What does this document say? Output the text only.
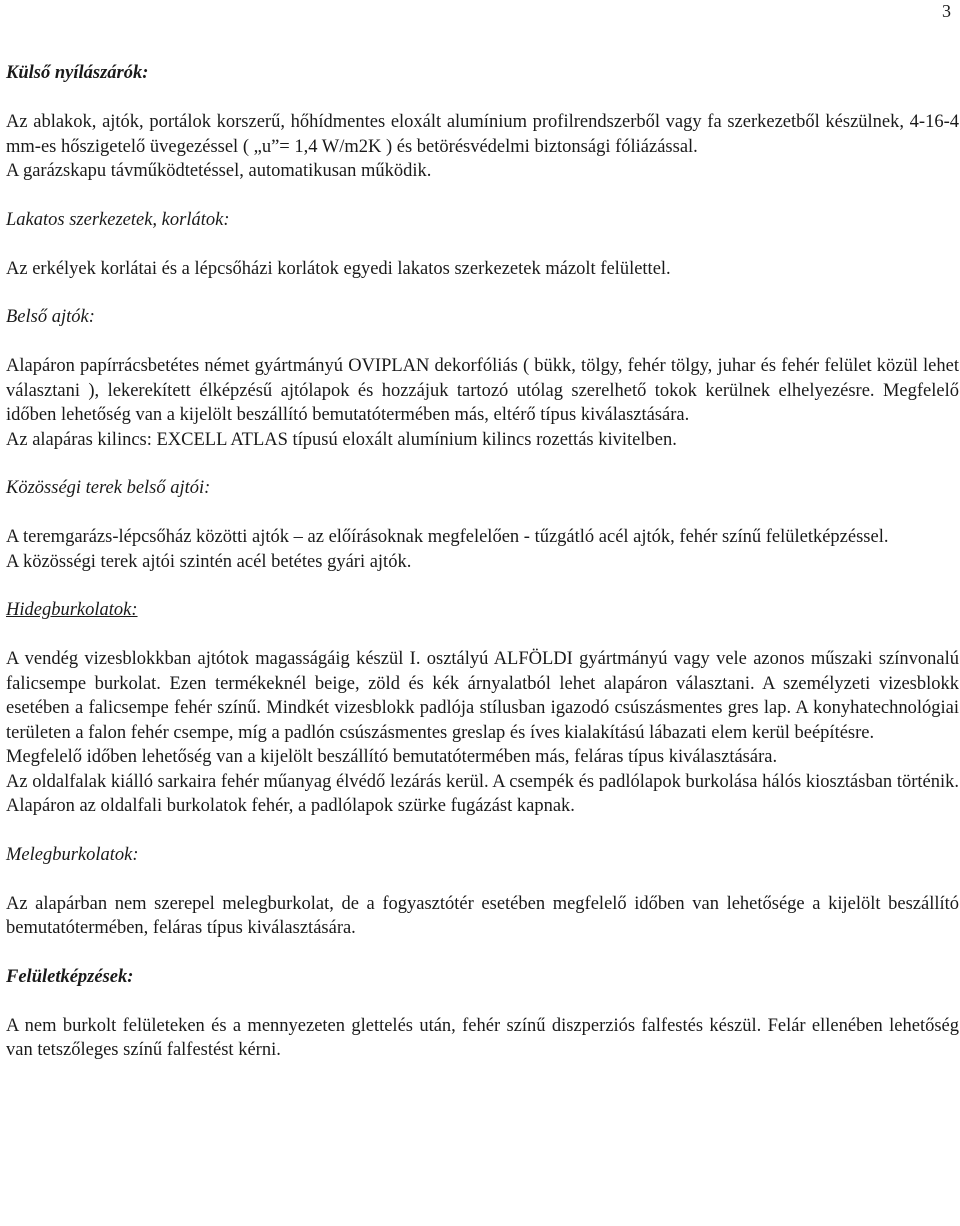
3

Külső nyílászárók:

Az ablakok, ajtók, portálok korszerű, hőhídmentes eloxált alumínium profilrendszerből vagy fa szerkezetből készülnek, 4-16-4 mm-es hőszigetelő üvegezéssel ( „u”= 1,4 W/m2K ) és betörésvédelmi biztonsági fóliázással.

A garázskapu távműködtetéssel, automatikusan működik.

Lakatos szerkezetek, korlátok:

Az erkélyek korlátai és a lépcsőházi korlátok egyedi lakatos szerkezetek mázolt felülettel.

Belső ajtók:

Alapáron papírrácsbetétes német gyártmányú OVIPLAN dekorfóliás ( bükk, tölgy, fehér tölgy, juhar és fehér felület közül lehet választani ), lekerekített élképzésű ajtólapok és hozzájuk tartozó utólag szerelhető tokok kerülnek elhelyezésre. Megfelelő időben lehetőség van a kijelölt beszállító bemutatótermében más, eltérő típus kiválasztására.

Az alapáras kilincs: EXCELL ATLAS típusú eloxált alumínium kilincs rozettás kivitelben.

Közösségi terek belső ajtói:

A teremgarázs-lépcsőház közötti ajtók – az előírásoknak megfelelően - tűzgátló acél ajtók, fehér színű felületképzéssel.

A közösségi terek ajtói szintén acél betétes gyári ajtók.

Hidegburkolatok:

A vendég vizesblokkban ajtótok magasságáig készül I. osztályú ALFÖLDI gyártmányú vagy vele azonos műszaki színvonalú falicsempe burkolat. Ezen termékeknél beige, zöld és kék árnyalatból lehet alapáron választani. A személyzeti vizesblokk esetében a falicsempe fehér színű. Mindkét vizesblokk padlója stílusban igazodó csúszásmentes gres lap. A konyhatechnológiai területen a falon fehér csempe, míg a padlón csúszásmentes greslap és íves kialakítású lábazati elem kerül beépítésre.

Megfelelő időben lehetőség van a kijelölt beszállító bemutatótermében más, feláras típus kiválasztására.

Az oldalfalak kiálló sarkaira fehér műanyag élvédő lezárás kerül. A csempék és padlólapok burkolása hálós kiosztásban történik. Alapáron az oldalfali burkolatok fehér, a padlólapok szürke fugázást kapnak.

Melegburkolatok:

Az alapárban nem szerepel melegburkolat, de a fogyasztótér esetében megfelelő időben van lehetősége a kijelölt beszállító bemutatótermében, feláras típus kiválasztására.

Felületképzések:

A nem burkolt felületeken és a mennyezeten glettelés után, fehér színű diszperziós falfestés készül. Felár ellenében lehetőség van tetszőleges színű falfestést kérni.
